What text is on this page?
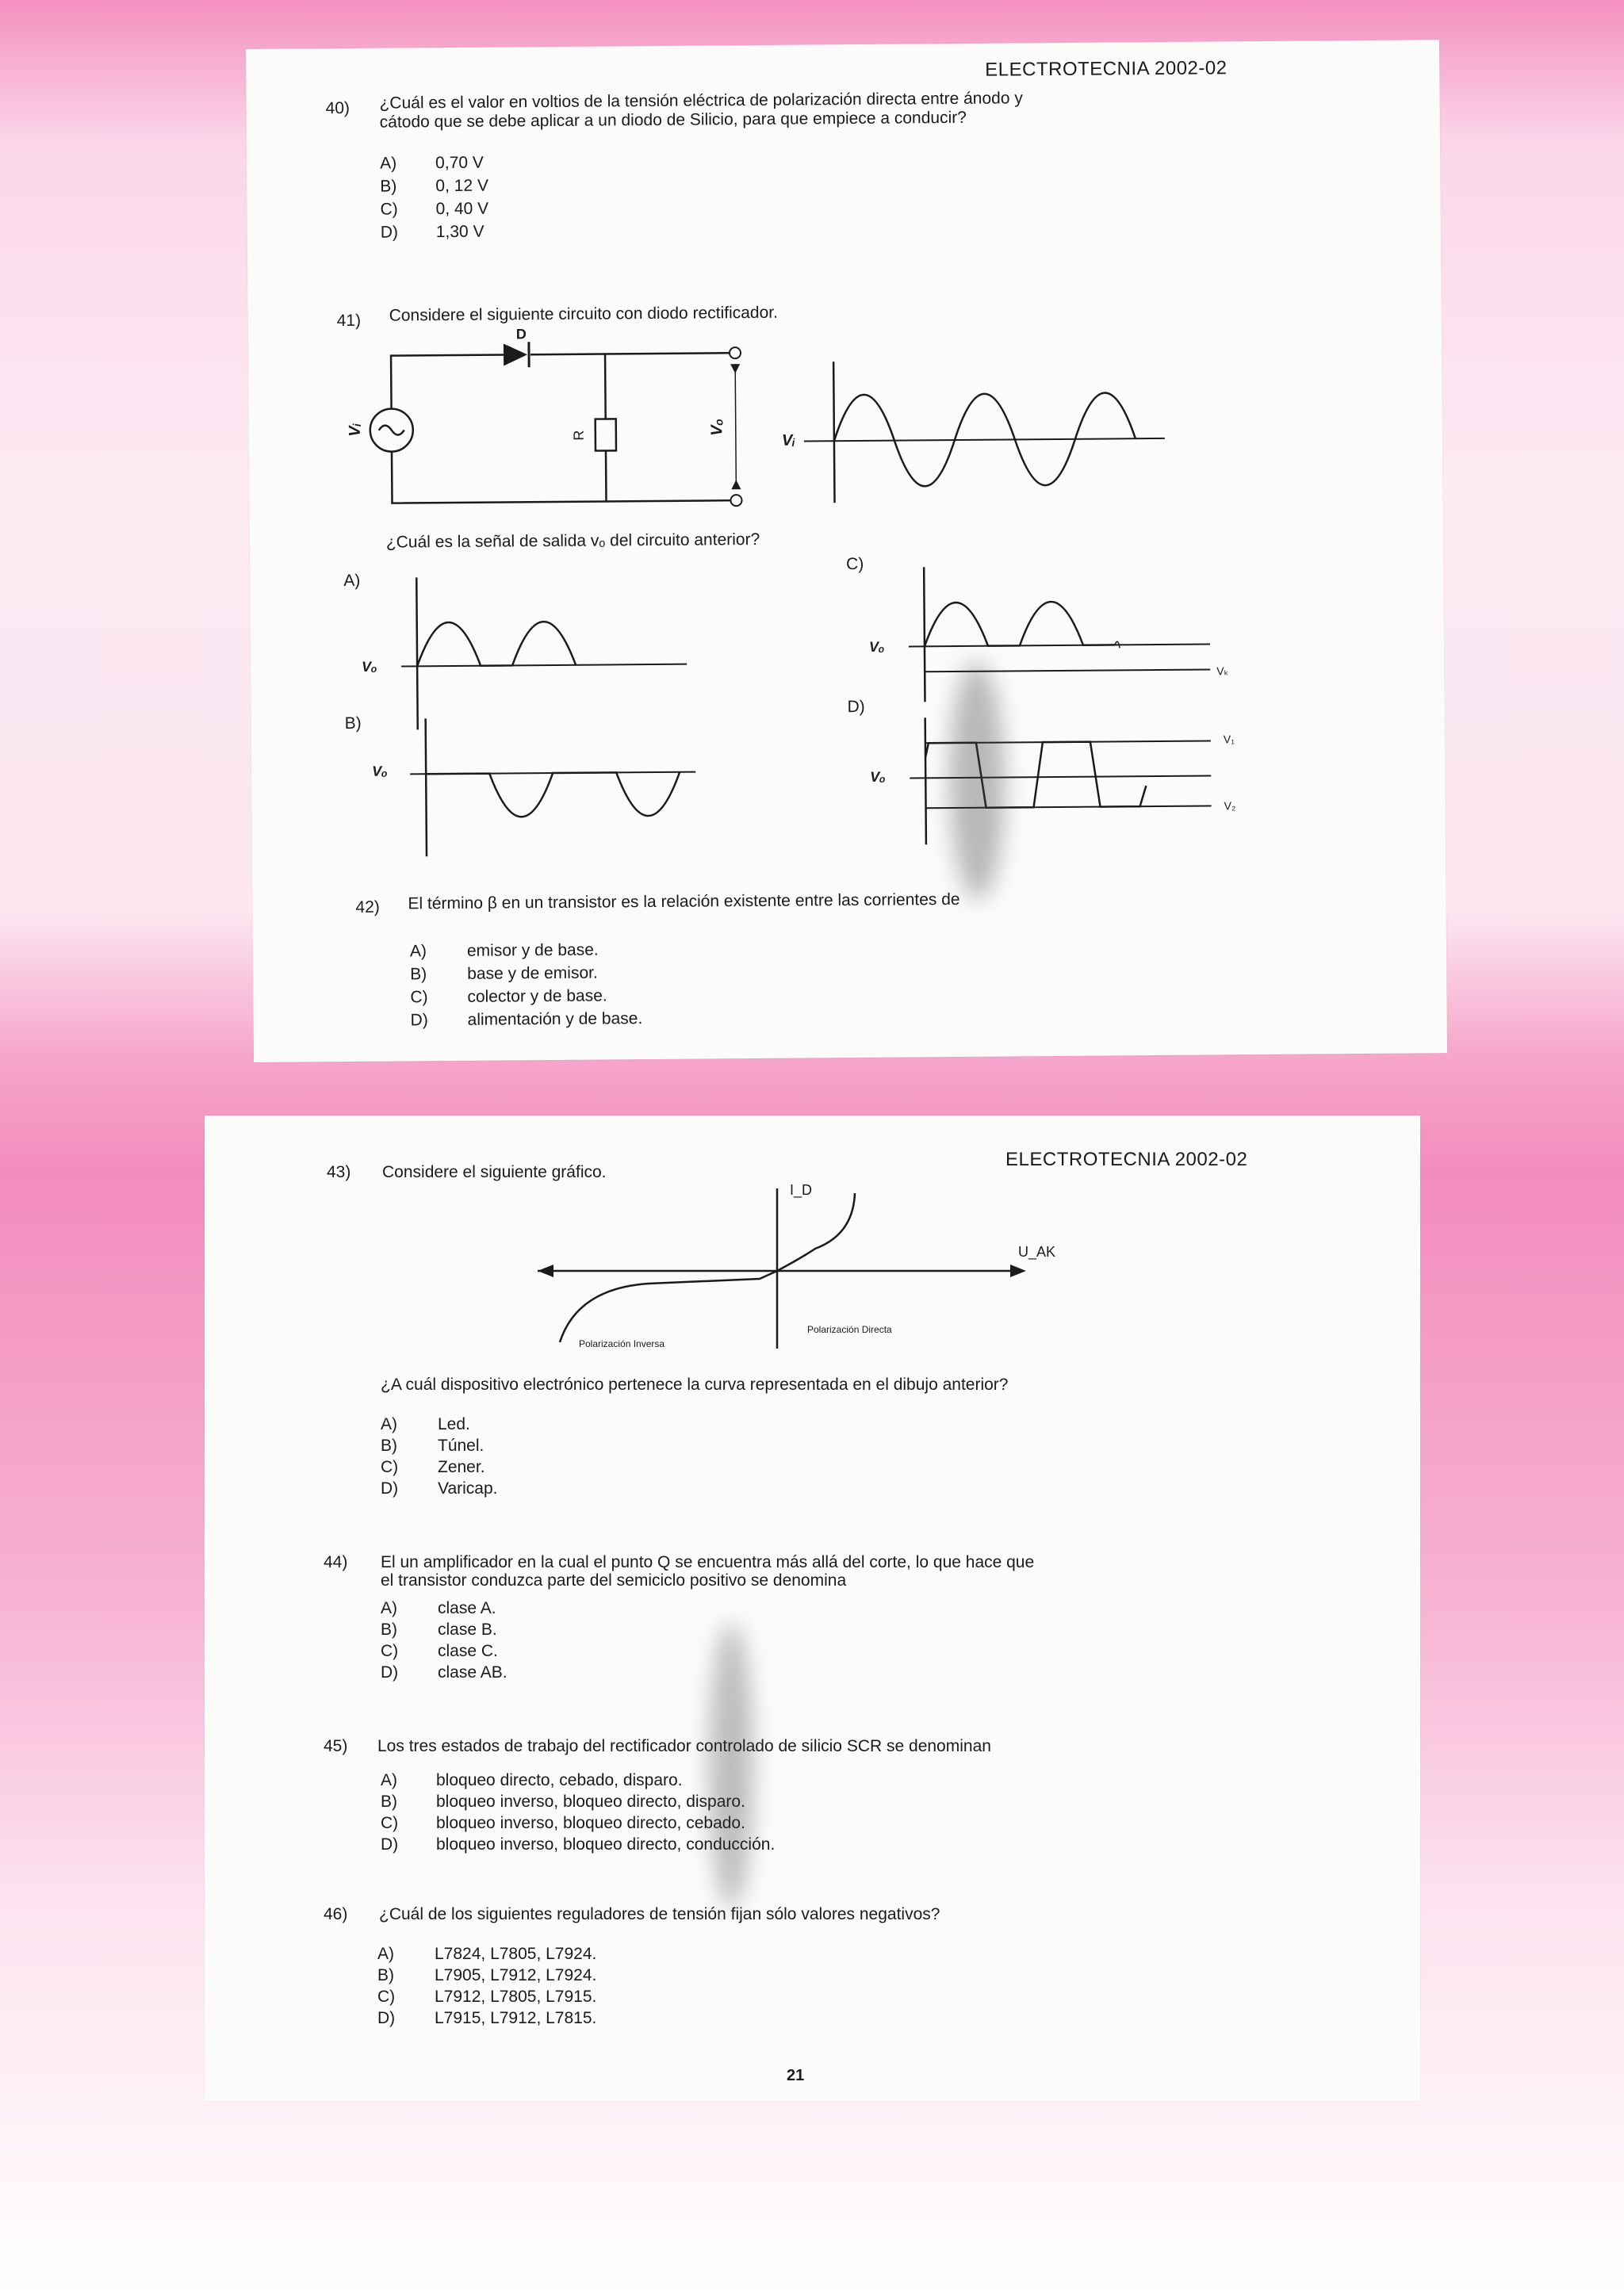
ELECTROTECNIA 2002-02
40) ¿Cuál es el valor en voltios de la tensión eléctrica de polarización directa entre ánodo y
cátodo que se debe aplicar a un diodo de Silicio, para que empiece a conducir?
A)	0,70 V
B)	0, 12 V
C)	0, 40 V
D)	1,30 V
41) Considere el siguiente circuito con diodo rectificador.
D
R
Vᵢ	Vₒ
Vᵢ
¿Cuál es la señal de salida vₒ del circuito anterior?
A)
Vₒ
B)
Vₒ
C)
Vₒ
Vₖ
D)
Vₒ
V₁
V₂
42) El término β en un transistor es la relación existente entre las corrientes de
A)	emisor y de base.
B)	base y de emisor.
C)	colector y de base.
D)	alimentación y de base.
ELECTROTECNIA 2002-02
43) Considere el siguiente gráfico.
I_D
U_AK
Polarización Inversa
Polarización Directa
¿A cuál dispositivo electrónico pertenece la curva representada en el dibujo anterior?
A)	Led.
B)	Túnel.
C)	Zener.
D)	Varicap.
44) El un amplificador en la cual el punto Q se encuentra más allá del corte, lo que hace que
el transistor conduzca parte del semiciclo positivo se denomina
A)	clase A.
B)	clase B.
C)	clase C.
D)	clase AB.
45) Los tres estados de trabajo del rectificador controlado de silicio SCR se denominan
A)	bloqueo directo, cebado, disparo.
B)	bloqueo inverso, bloqueo directo, disparo.
C)	bloqueo inverso, bloqueo directo, cebado.
D)	bloqueo inverso, bloqueo directo, conducción.
46) ¿Cuál de los siguientes reguladores de tensión fijan sólo valores negativos?
A)	L7824, L7805, L7924.
B)	L7905, L7912, L7924.
C)	L7912, L7805, L7915.
D)	L7915, L7912, L7815.
21
